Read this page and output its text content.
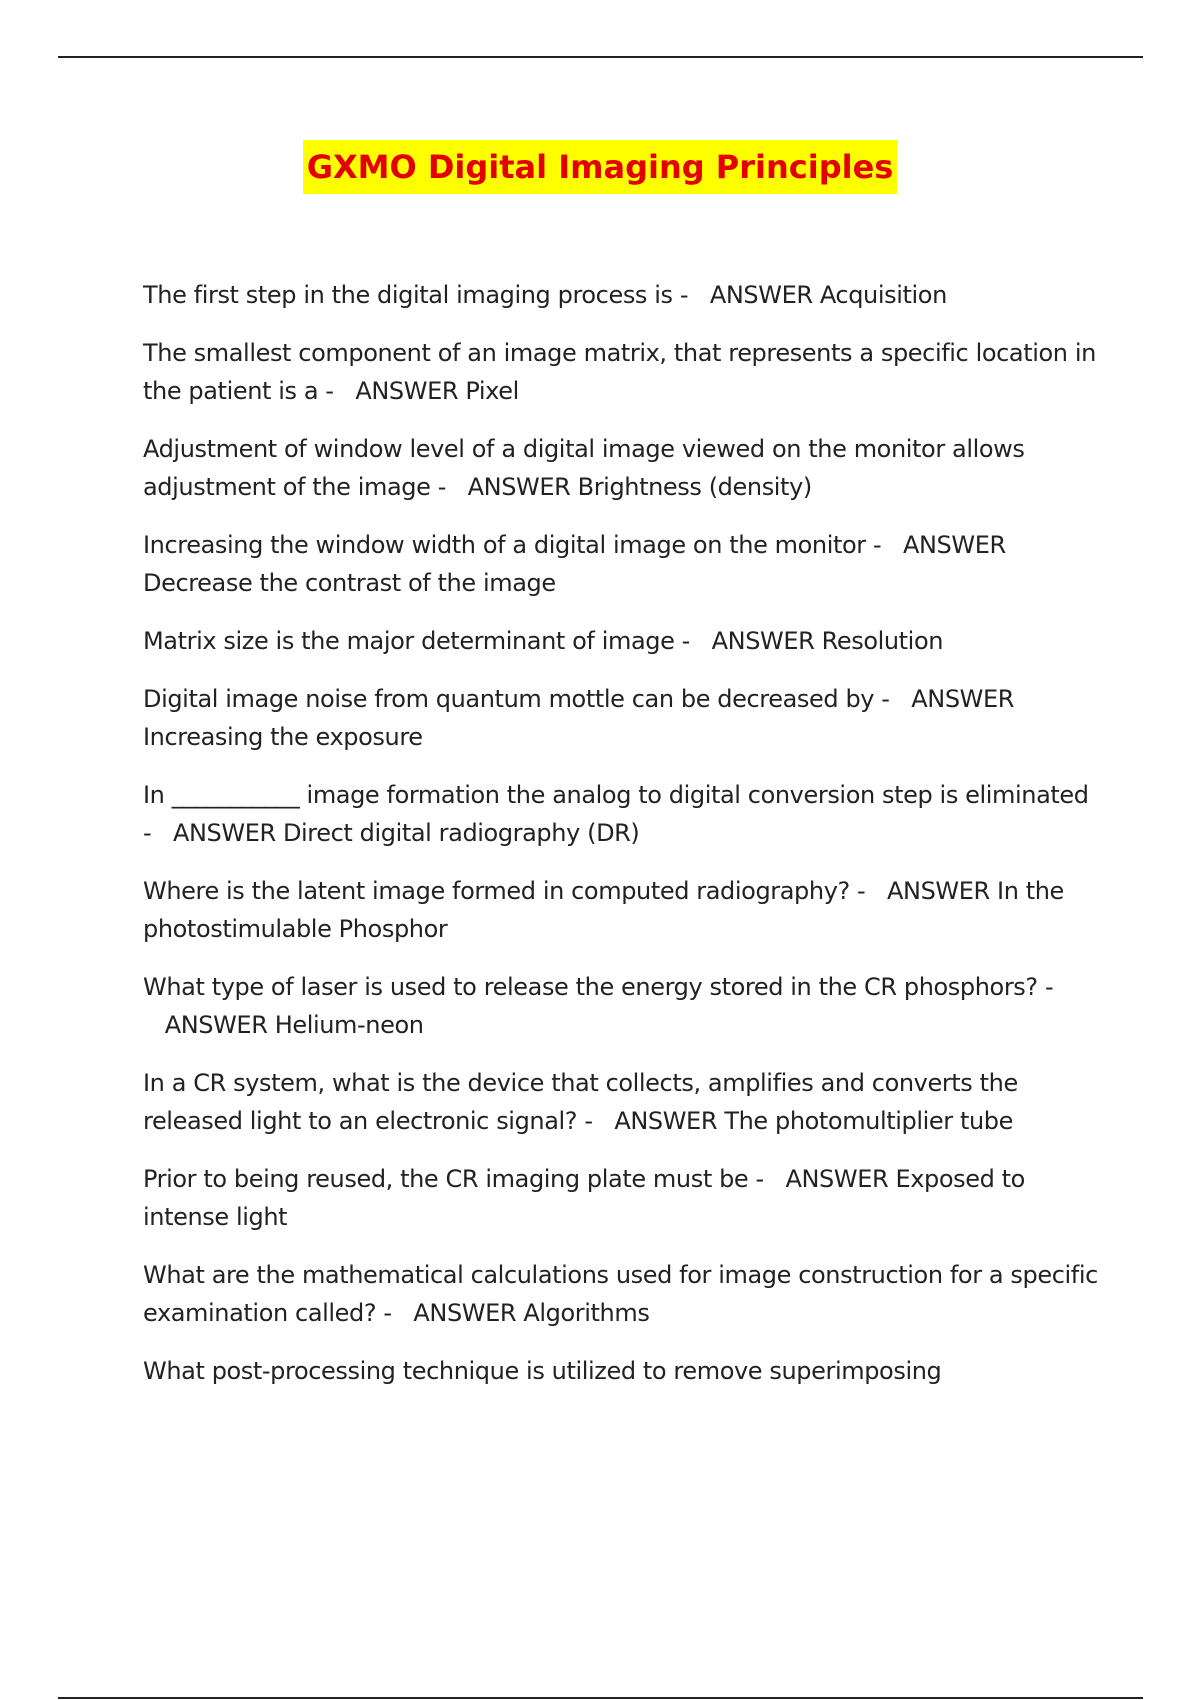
GXMO Digital Imaging Principles
The first step in the digital imaging process is - ANSWER Acquisition
The smallest component of an image matrix, that represents a specific location in the patient is a - ANSWER Pixel
Adjustment of window level of a digital image viewed on the monitor allows adjustment of the image - ANSWER Brightness (density)
Increasing the window width of a digital image on the monitor - ANSWER Decrease the contrast of the image
Matrix size is the major determinant of image - ANSWER Resolution
Digital image noise from quantum mottle can be decreased by - ANSWER Increasing the exposure
In ___________ image formation the analog to digital conversion step is eliminated - ANSWER Direct digital radiography (DR)
Where is the latent image formed in computed radiography? - ANSWER In the photostimulable Phosphor
What type of laser is used to release the energy stored in the CR phosphors? -   ANSWER Helium-neon
In a CR system, what is the device that collects, amplifies and converts the released light to an electronic signal? - ANSWER The photomultiplier tube
Prior to being reused, the CR imaging plate must be - ANSWER Exposed to intense light
What are the mathematical calculations used for image construction for a specific examination called? - ANSWER Algorithms
What post-processing technique is utilized to remove superimposing
